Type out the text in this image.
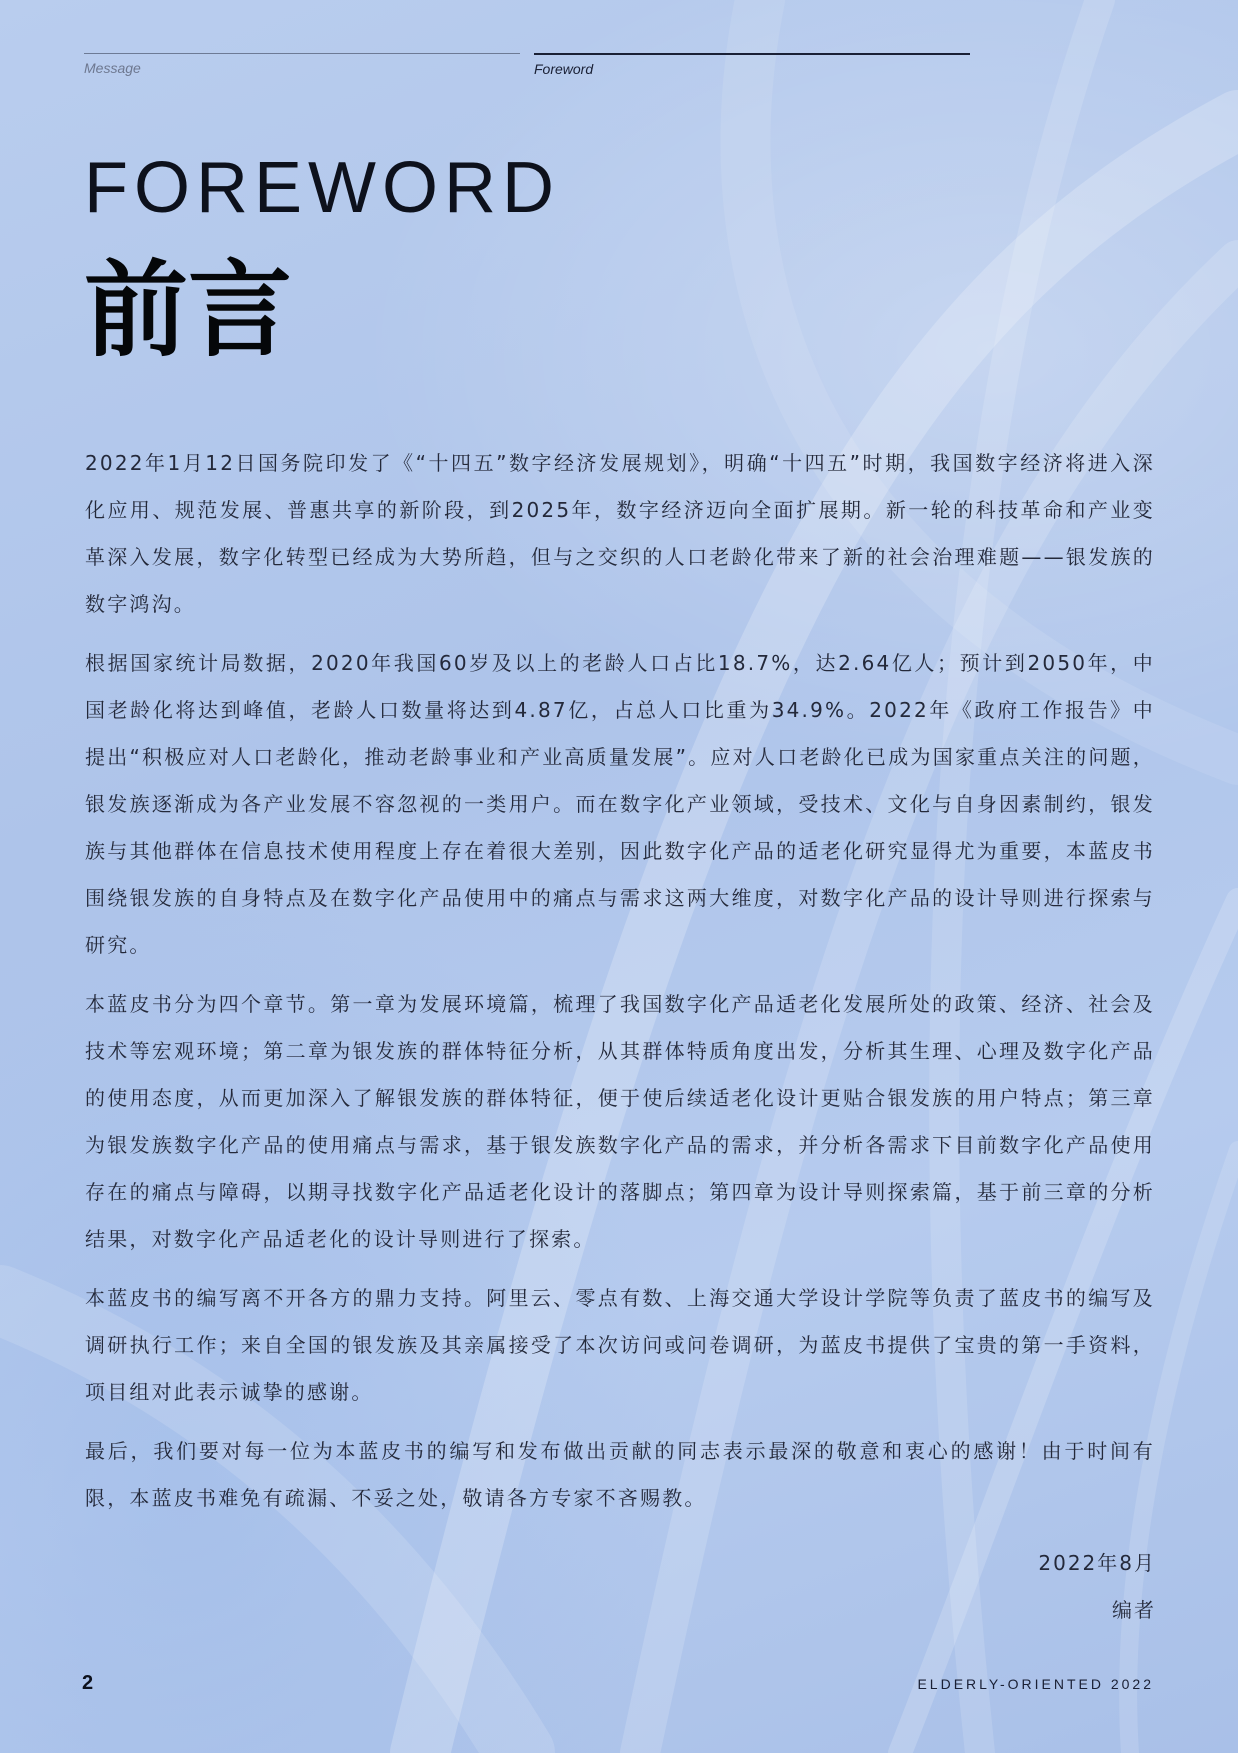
Message	Foreword
FOREWORD
前言

2022年1月12日国务院印发了《“十四五”数字经济发展规划》，明确“十四五”时期，我国数字经济将进入深化应用、规范发展、普惠共享的新阶段，到2025年，数字经济迈向全面扩展期。新一轮的科技革命和产业变革深入发展，数字化转型已经成为大势所趋，但与之交织的人口老龄化带来了新的社会治理难题——银发族的数字鸿沟。

根据国家统计局数据，2020年我国60岁及以上的老龄人口占比18.7%，达2.64亿人；预计到2050年，中国老龄化将达到峰值，老龄人口数量将达到4.87亿，占总人口比重为34.9%。2022年《政府工作报告》中提出“积极应对人口老龄化，推动老龄事业和产业高质量发展”。应对人口老龄化已成为国家重点关注的问题，银发族逐渐成为各产业发展不容忽视的一类用户。而在数字化产业领域，受技术、文化与自身因素制约，银发族与其他群体在信息技术使用程度上存在着很大差别，因此数字化产品的适老化研究显得尤为重要，本蓝皮书围绕银发族的自身特点及在数字化产品使用中的痛点与需求这两大维度，对数字化产品的设计导则进行探索与研究。

本蓝皮书分为四个章节。第一章为发展环境篇，梳理了我国数字化产品适老化发展所处的政策、经济、社会及技术等宏观环境；第二章为银发族的群体特征分析，从其群体特质角度出发，分析其生理、心理及数字化产品的使用态度，从而更加深入了解银发族的群体特征，便于使后续适老化设计更贴合银发族的用户特点；第三章为银发族数字化产品的使用痛点与需求，基于银发族数字化产品的需求，并分析各需求下目前数字化产品使用存在的痛点与障碍，以期寻找数字化产品适老化设计的落脚点；第四章为设计导则探索篇，基于前三章的分析结果，对数字化产品适老化的设计导则进行了探索。

本蓝皮书的编写离不开各方的鼎力支持。阿里云、零点有数、上海交通大学设计学院等负责了蓝皮书的编写及调研执行工作；来自全国的银发族及其亲属接受了本次访问或问卷调研，为蓝皮书提供了宝贵的第一手资料，项目组对此表示诚挚的感谢。

最后，我们要对每一位为本蓝皮书的编写和发布做出贡献的同志表示最深的敬意和衷心的感谢！由于时间有限，本蓝皮书难免有疏漏、不妥之处，敬请各方专家不吝赐教。

2022年8月
编者
2	ELDERLY-ORIENTED 2022
